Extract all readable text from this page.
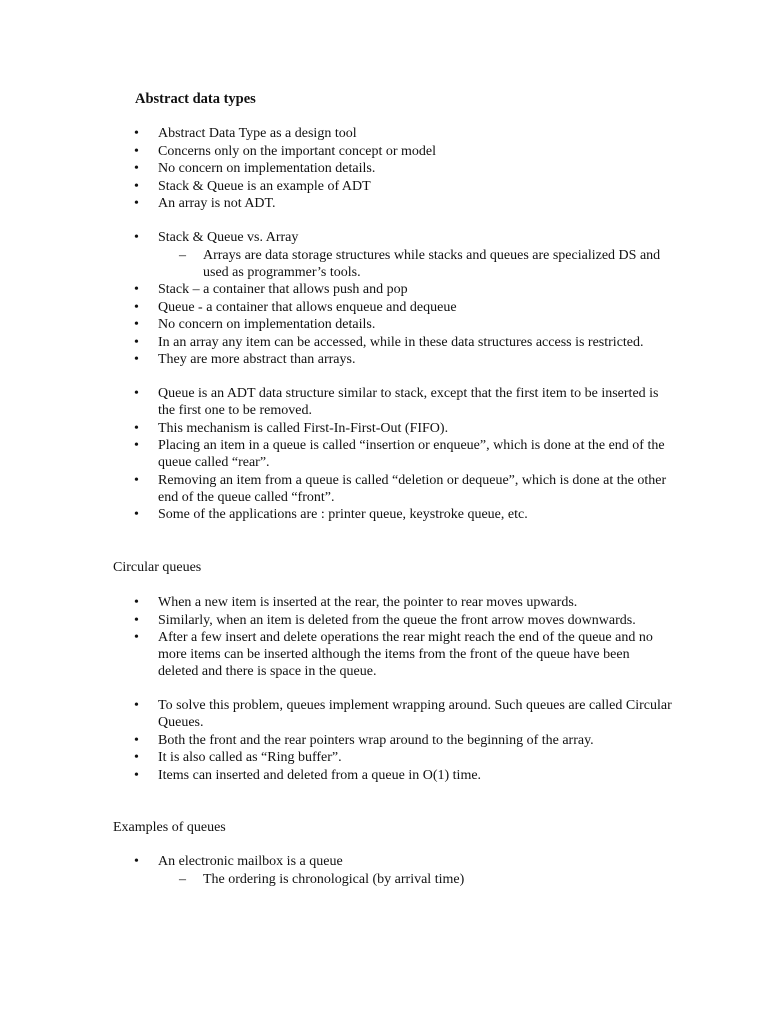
Abstract data types
• Abstract Data Type as a design tool
• Concerns only on the important concept or model
• No concern on implementation details.
• Stack & Queue is an example of ADT
• An array is not ADT.
• Stack & Queue vs. Array
– Arrays are data storage structures while stacks and queues are specialized DS and used as programmer’s tools.
• Stack – a container that allows push and pop
• Queue - a container that allows enqueue and dequeue
• No concern on implementation details.
• In an array any item can be accessed, while in these data structures access is restricted.
• They are more abstract than arrays.
• Queue is an ADT data structure similar to stack, except that the first item to be inserted is the first one to be removed.
• This mechanism is called First-In-First-Out (FIFO).
• Placing an item in a queue is called “insertion or enqueue”, which is done at the end of the queue called “rear”.
• Removing an item from a queue is called “deletion or dequeue”, which is done at the other end of the queue called “front”.
• Some of the applications are : printer queue, keystroke queue, etc.
Circular queues
• When a new item is inserted at the rear, the pointer to rear moves upwards.
• Similarly, when an item is deleted from the queue the front arrow moves downwards.
• After a few insert and delete operations the rear might reach the end of the queue and no more items can be inserted although the items from the front of the queue have been deleted and there is space in the queue.
• To solve this problem, queues implement wrapping around. Such queues are called Circular Queues.
• Both the front and the rear pointers wrap around to the beginning of the array.
• It is also called as “Ring buffer”.
• Items can inserted and deleted from a queue in O(1) time.
Examples of queues
• An electronic mailbox is a queue
– The ordering is chronological (by arrival time)
